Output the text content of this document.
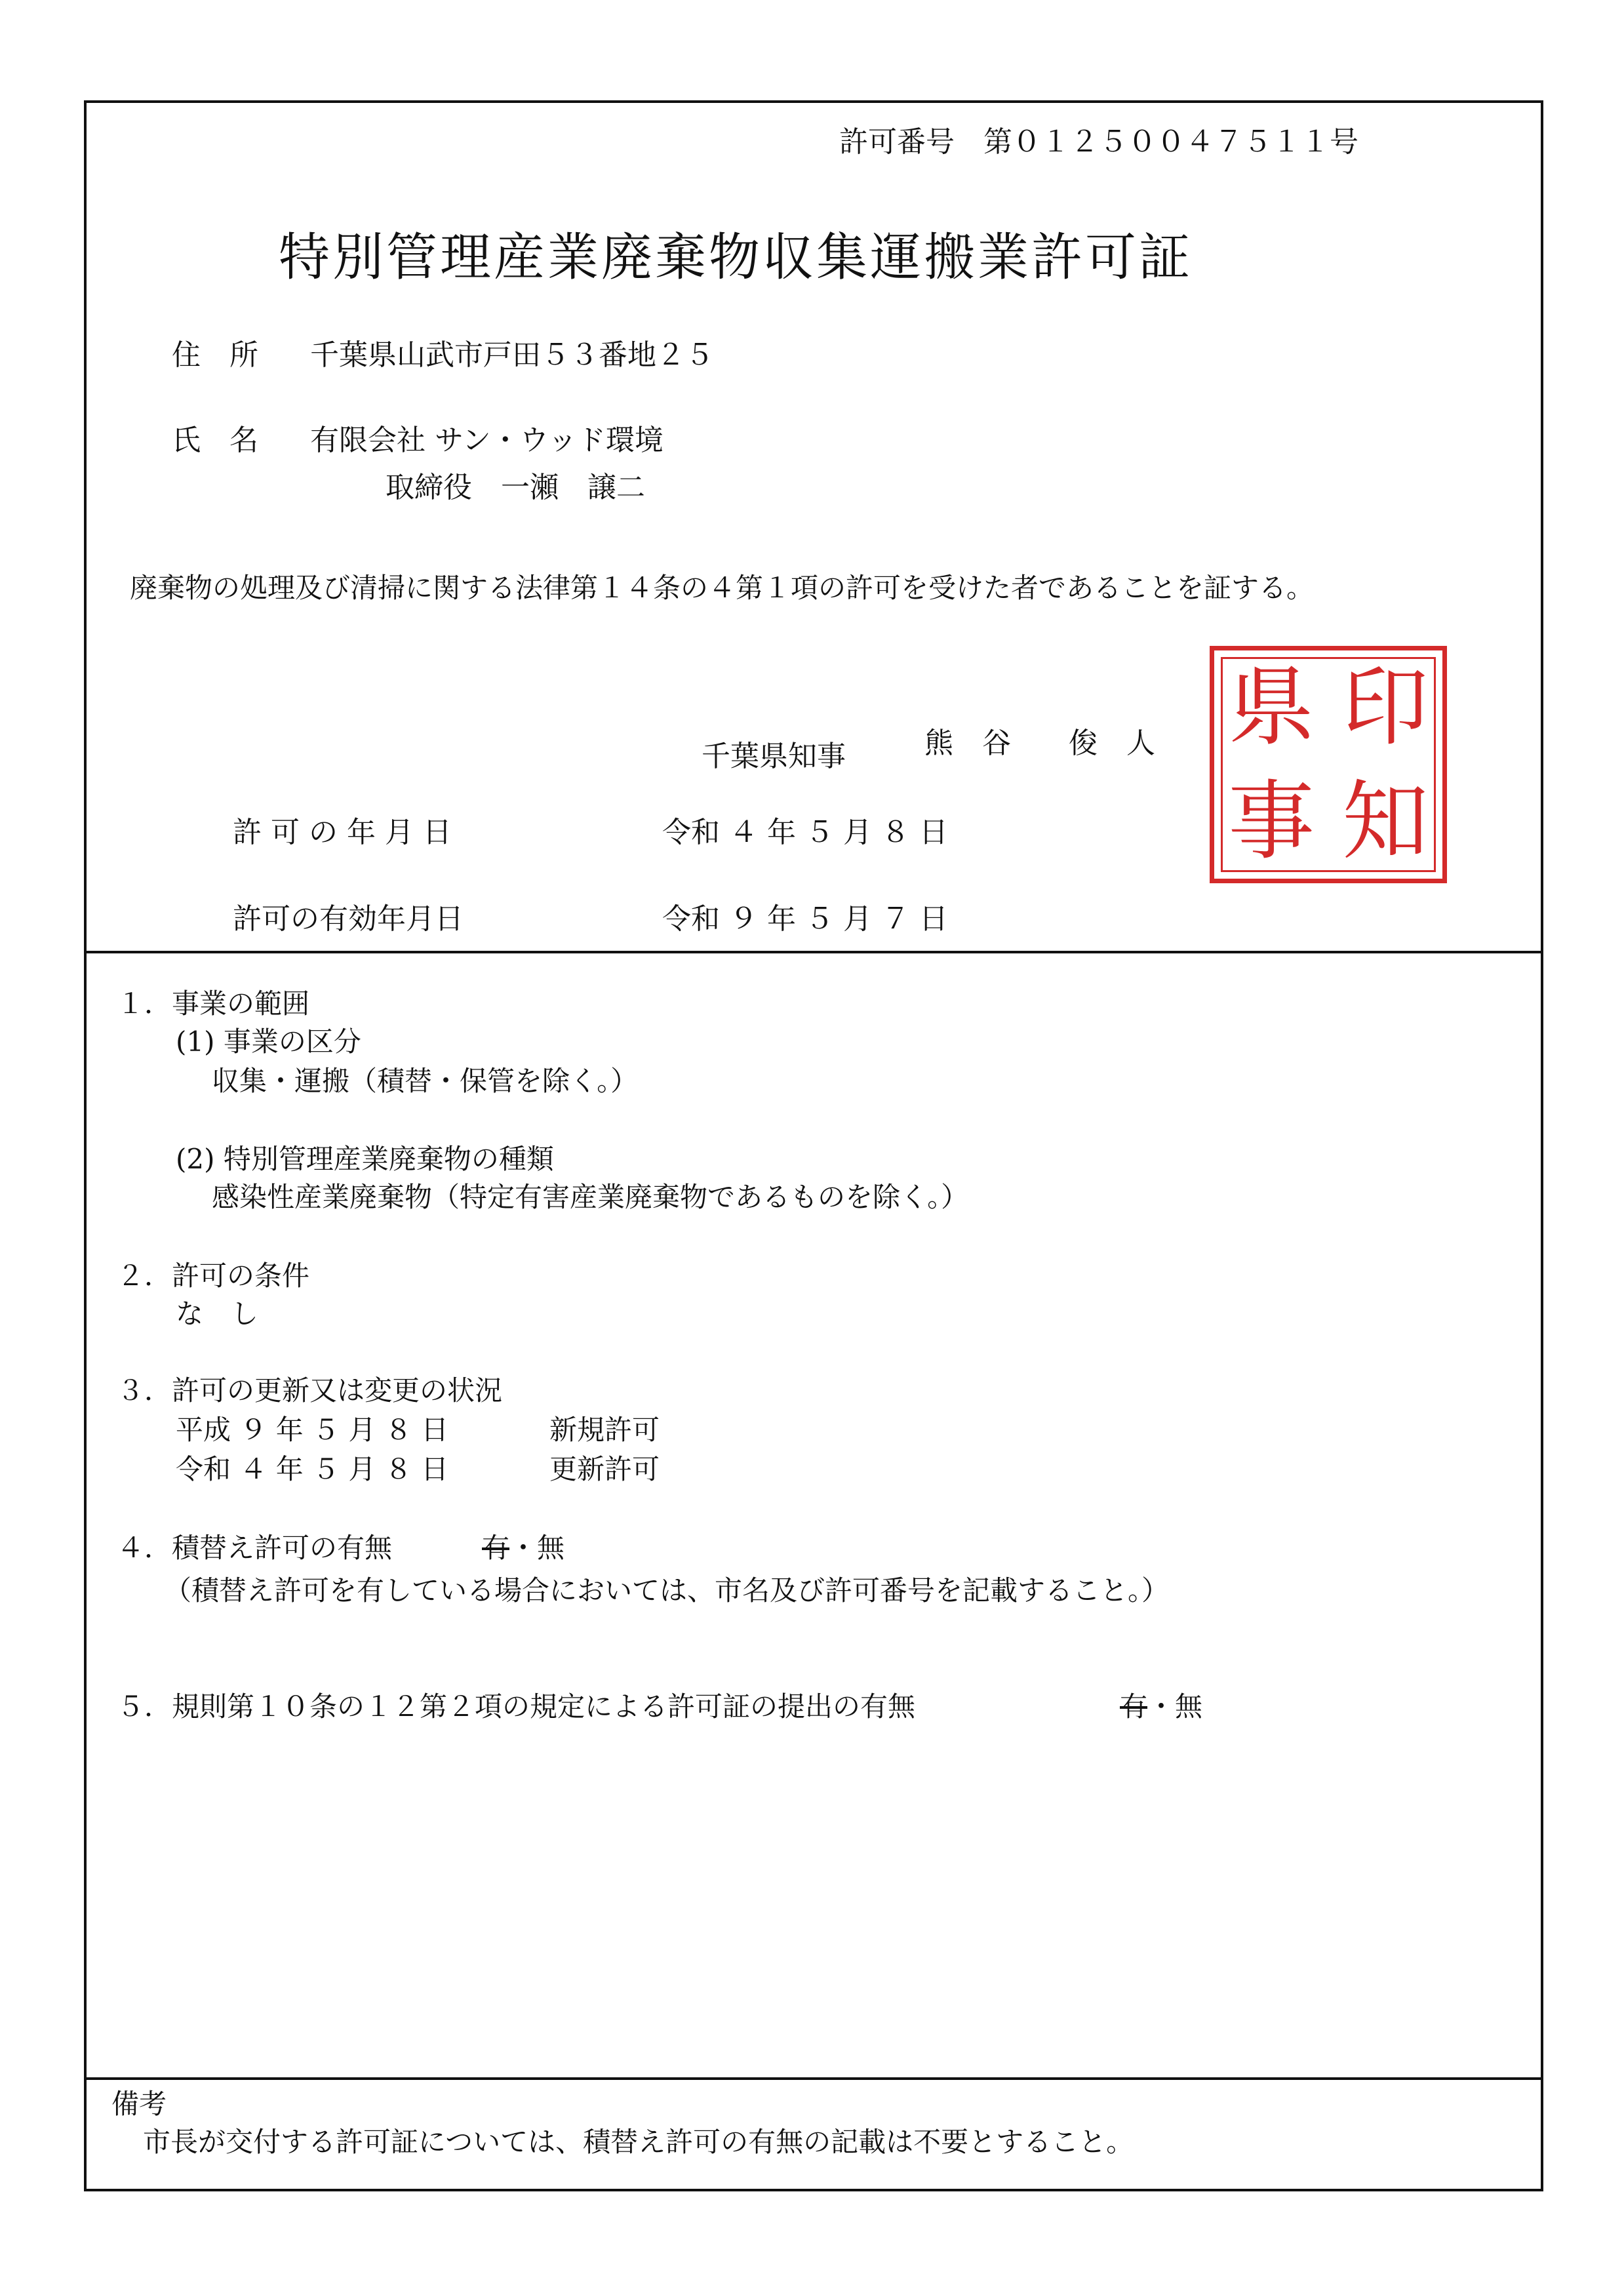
許可番号　第０１２５００４７５１１号
特別管理産業廃棄物収集運搬業許可証
住　所 千葉県山武市戸田５３番地２５
氏　名 有限会社 サン・ウッド環境
取締役　一瀬　譲二
廃棄物の処理及び清掃に関する法律第１４条の４第１項の許可を受けた者であることを証する。
県 印
事 知
千葉県知事	熊　谷　　俊　人
許 可 の 年 月 日	令和 ４ 年 ５ 月 ８ 日
許可の有効年月日	令和 ９ 年 ５ 月 ７ 日
１．事業の範囲
(1) 事業の区分
収集・運搬（積替・保管を除く。）
(2) 特別管理産業廃棄物の種類
感染性産業廃棄物（特定有害産業廃棄物であるものを除く。）
２．許可の条件
な　し
３．許可の更新又は変更の状況
平成 ９ 年 ５ 月 ８ 日	新規許可
令和 ４ 年 ５ 月 ８ 日	更新許可
４．積替え許可の有無	有・無
（積替え許可を有している場合においては、市名及び許可番号を記載すること。）
５．規則第１０条の１２第２項の規定による許可証の提出の有無	有・無
備考
市長が交付する許可証については、積替え許可の有無の記載は不要とすること。
